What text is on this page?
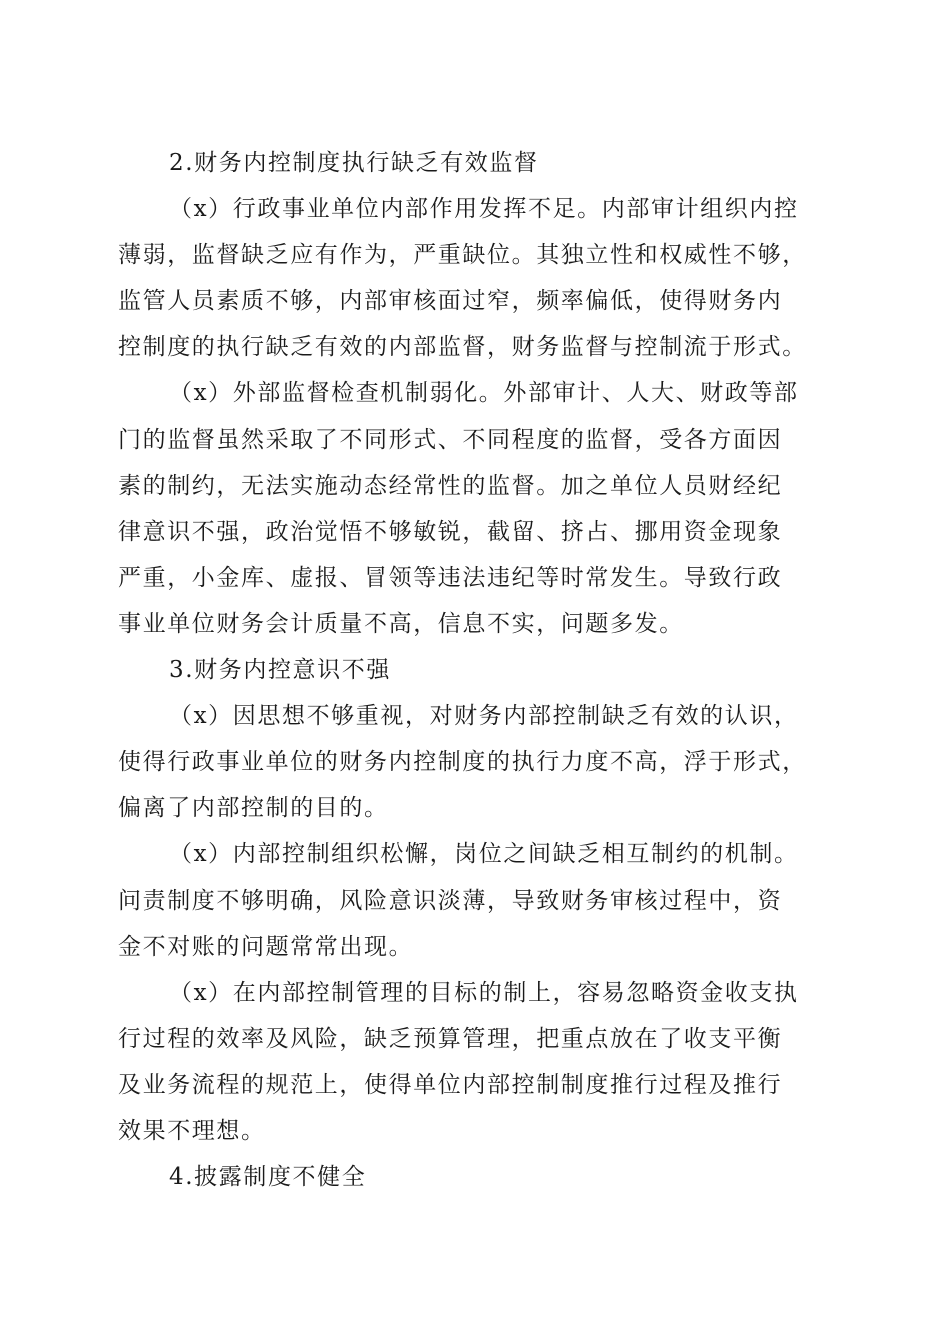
2.财务内控制度执行缺乏有效监督
（x）行政事业单位内部作用发挥不足。内部审计组织内控
薄弱，监督缺乏应有作为，严重缺位。其独立性和权威性不够，
监管人员素质不够，内部审核面过窄，频率偏低，使得财务内
控制度的执行缺乏有效的内部监督，财务监督与控制流于形式。
（x）外部监督检查机制弱化。外部审计、人大、财政等部
门的监督虽然采取了不同形式、不同程度的监督，受各方面因
素的制约，无法实施动态经常性的监督。加之单位人员财经纪
律意识不强，政治觉悟不够敏锐，截留、挤占、挪用资金现象
严重，小金库、虚报、冒领等违法违纪等时常发生。导致行政
事业单位财务会计质量不高，信息不实，问题多发。
3.财务内控意识不强
（x）因思想不够重视，对财务内部控制缺乏有效的认识，
使得行政事业单位的财务内控制度的执行力度不高，浮于形式，
偏离了内部控制的目的。
（x）内部控制组织松懈，岗位之间缺乏相互制约的机制。
问责制度不够明确，风险意识淡薄，导致财务审核过程中，资
金不对账的问题常常出现。
（x）在内部控制管理的目标的制上，容易忽略资金收支执
行过程的效率及风险，缺乏预算管理，把重点放在了收支平衡
及业务流程的规范上，使得单位内部控制制度推行过程及推行
效果不理想。
4.披露制度不健全
